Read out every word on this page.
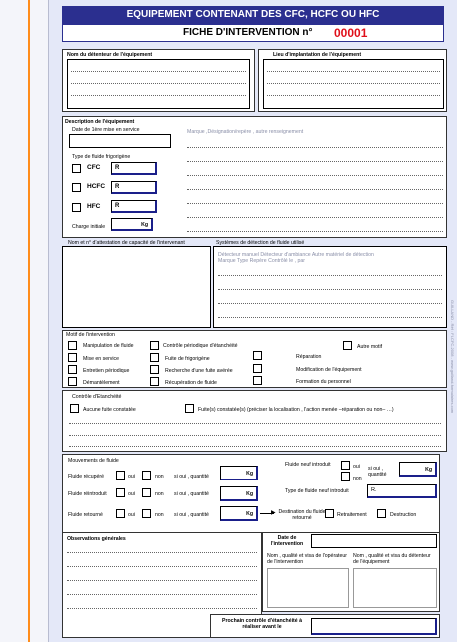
EQUIPEMENT CONTENANT DES CFC, HCFC OU HFC
FICHE D'INTERVENTION n° 00001
Nom du détenteur de l'équipement	Lieu d'implantation de l'équipement
Description de l'équipement
Date de 1ère mise en service
Type de fluide frigorigène
CFC	R
HCFC	R
HFC	R
Charge initiale	Kg
Marque ,Désignation/repère , autre renseignement
Nom et n° d'attestation de capacité de l'intervenant	Systèmes de détection de fluide utilisé
Détecteur manuel Détecteur d'ambiance Autre matériel de détection
Marque Type Repère Contrôlé le , par
Motif de l'intervention
Manipulation de fluide	Contrôle périodique d'étanchéité	Autre motif
Mise en service	Fuite de frigorigène	Réparation
Entretien périodique	Recherche d'une fuite avérée	Modification de l'équipement
Démantèlement	Récupération de fluide	Formation du personnel
Contrôle d'Etanchéité
Aucune fuite constatée	Fuite(s) constatée(s) (préciser la localisation , l'action menée –réparation ou non– …)
Mouvements de fluide
Fluide récupéré	oui	non si oui , quantité	Kg
Fluide réintroduit	oui	non si oui , quantité	Kg
Fluide retourné	oui	non si oui , quantité	Kg	▶ Destination du fluide retourné	Retraitement	Destruction
Fluide neuf introduit	oui
non
si oui , quantité
Kg
Type de fluide neuf introduit	R.
Observations générales	Date de l'intervention
Nom , qualité et visa de l'opérateur de l'intervention
Nom , qualité et visa du détenteur de l'équipement
Prochain contrôle d'étanchéité à réaliser avant le
GUILLAND - Réf : FI-CFC-2008 - www.guilland-formulaires.com
